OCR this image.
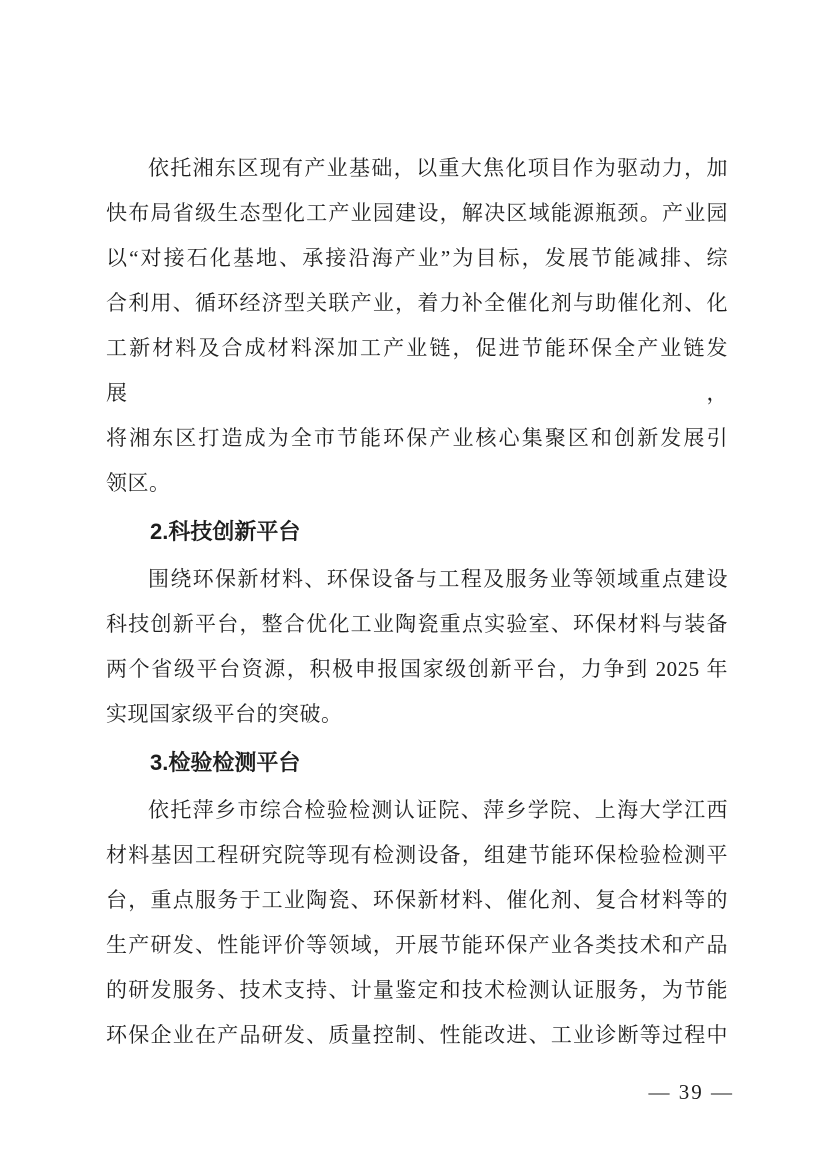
依托湘东区现有产业基础，以重大焦化项目作为驱动力，加
快布局省级生态型化工产业园建设，解决区域能源瓶颈。产业园
以“对接石化基地、承接沿海产业”为目标，发展节能减排、综
合利用、循环经济型关联产业，着力补全催化剂与助催化剂、化
工新材料及合成材料深加工产业链，促进节能环保全产业链发展，
将湘东区打造成为全市节能环保产业核心集聚区和创新发展引
领区。
2.科技创新平台
围绕环保新材料、环保设备与工程及服务业等领域重点建设
科技创新平台，整合优化工业陶瓷重点实验室、环保材料与装备
两个省级平台资源，积极申报国家级创新平台，力争到 2025 年
实现国家级平台的突破。
3.检验检测平台
依托萍乡市综合检验检测认证院、萍乡学院、上海大学江西
材料基因工程研究院等现有检测设备，组建节能环保检验检测平
台，重点服务于工业陶瓷、环保新材料、催化剂、复合材料等的
生产研发、性能评价等领域，开展节能环保产业各类技术和产品
的研发服务、技术支持、计量鉴定和技术检测认证服务，为节能
环保企业在产品研发、质量控制、性能改进、工业诊断等过程中
— 39 —
